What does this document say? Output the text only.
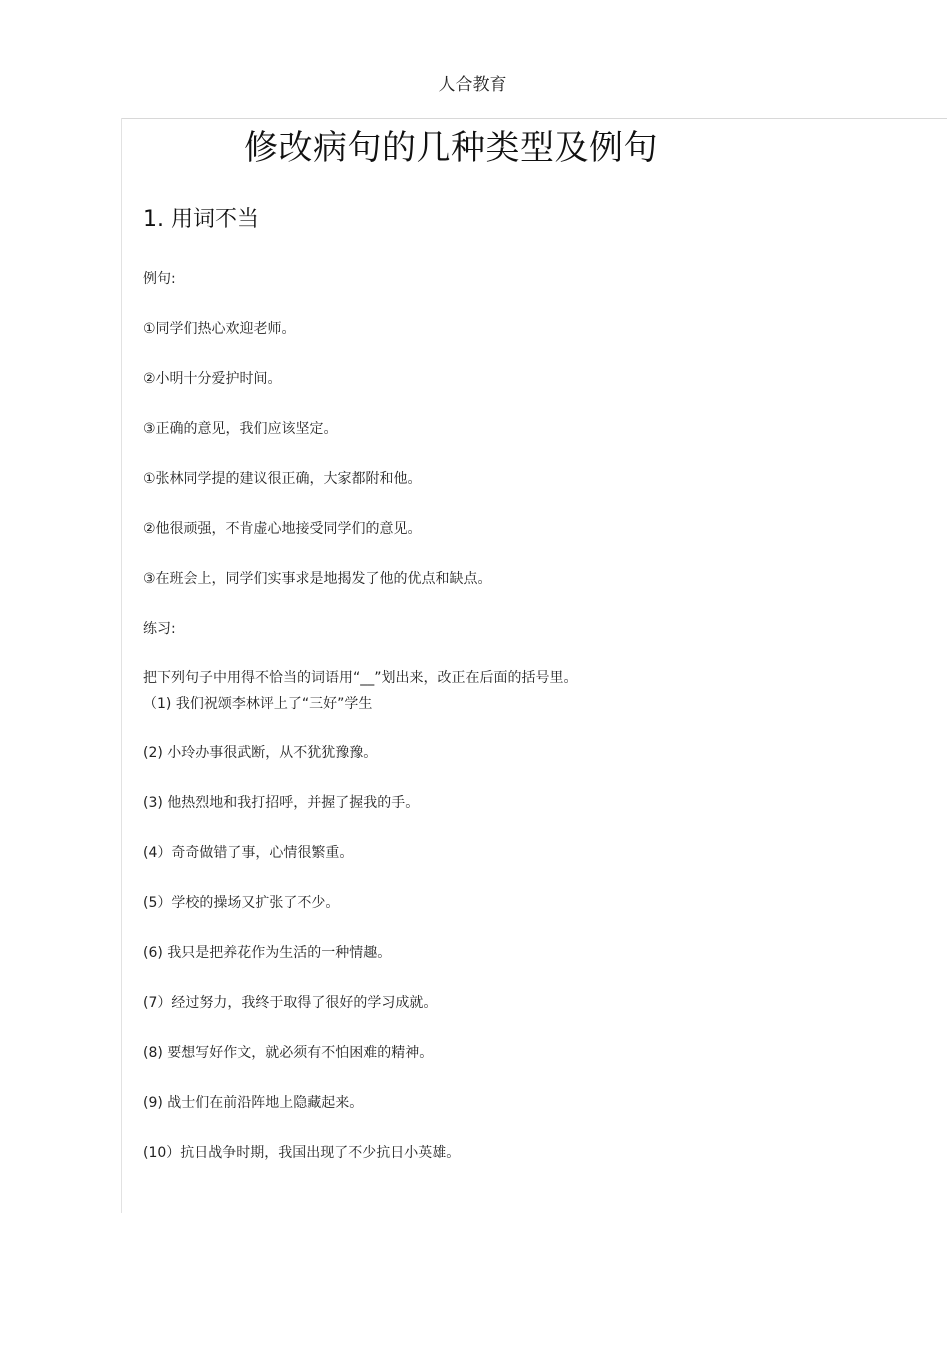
人合教育
修改病句的几种类型及例句
1. 用词不当
例句:
①同学们热心欢迎老师。
②小明十分爱护时间。
③正确的意见，我们应该坚定。
①张林同学提的建议很正确，大家都附和他。
②他很顽强，不肯虚心地接受同学们的意见。
③在班会上，同学们实事求是地揭发了他的优点和缺点。
练习:
把下列句子中用得不恰当的词语用“__”划出来，改正在后面的括号里。
（1) 我们祝颂李林评上了“三好”学生
(2) 小玲办事很武断，从不犹犹豫豫。
(3) 他热烈地和我打招呼，并握了握我的手。
(4）奇奇做错了事，心情很繁重。
(5）学校的操场又扩张了不少。
(6) 我只是把养花作为生活的一种情趣。
(7）经过努力，我终于取得了很好的学习成就。
(8) 要想写好作文，就必须有不怕困难的精神。
(9) 战士们在前沿阵地上隐藏起来。
(10）抗日战争时期，我国出现了不少抗日小英雄。
